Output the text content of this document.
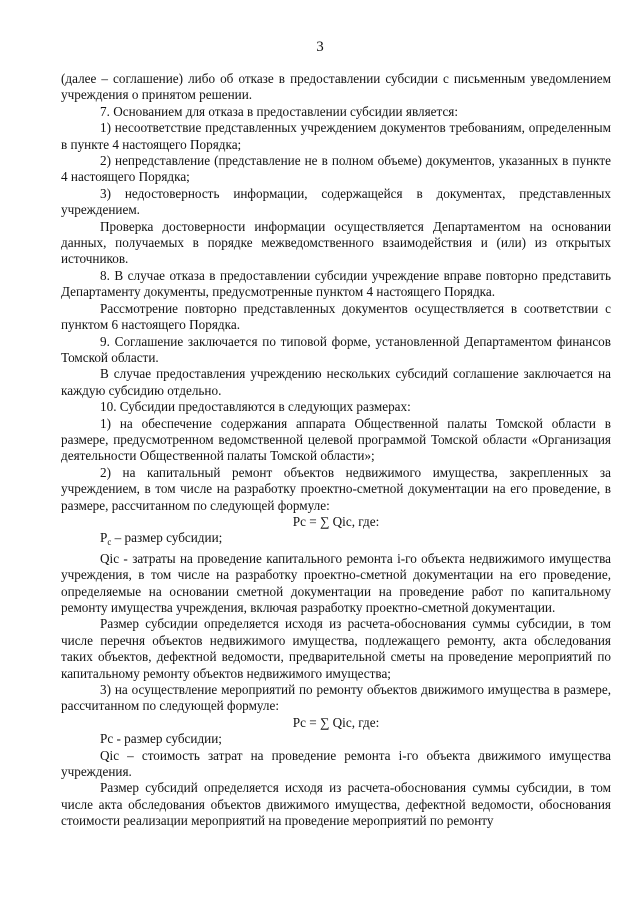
3

(далее – соглашение) либо об отказе в предоставлении субсидии с письменным уведомлением учреждения о принятом решении.

7. Основанием для отказа в предоставлении субсидии является:

1) несоответствие представленных учреждением документов требованиям, определенным в пункте 4 настоящего Порядка;

2) непредставление (представление не в полном объеме) документов, указанных в пункте 4 настоящего Порядка;

3) недостоверность информации, содержащейся в документах, представленных учреждением.

Проверка достоверности информации осуществляется Департаментом на основании данных, получаемых в порядке межведомственного взаимодействия и (или) из открытых источников.

8. В случае отказа в предоставлении субсидии учреждение вправе повторно представить Департаменту документы, предусмотренные пунктом 4 настоящего Порядка.

Рассмотрение повторно представленных документов осуществляется в соответствии с пунктом 6 настоящего Порядка.

9. Соглашение заключается по типовой форме, установленной Департаментом финансов Томской области.

В случае предоставления учреждению нескольких субсидий соглашение заключается на каждую субсидию отдельно.

10. Субсидии предоставляются в следующих размерах:

1) на обеспечение содержания аппарата Общественной палаты Томской области в размере, предусмотренном ведомственной целевой программой Томской области «Организация деятельности Общественной палаты Томской области»;

2) на капитальный ремонт объектов недвижимого имущества, закрепленных за учреждением, в том числе на разработку проектно-сметной документации на его проведение, в размере, рассчитанном по следующей формуле:

Pc = ∑ Qic, где:

$P_c$ – размер субсидии;

Qic - затраты на проведение капитального ремонта i-го объекта недвижимого имущества учреждения, в том числе на разработку проектно-сметной документации на его проведение, определяемые на основании сметной документации на проведение работ по капитальному ремонту имущества учреждения, включая разработку проектно-сметной документации.

Размер субсидии определяется исходя из расчета-обоснования суммы субсидии, в том числе перечня объектов недвижимого имущества, подлежащего ремонту, акта обследования таких объектов, дефектной ведомости, предварительной сметы на проведение мероприятий по капитальному ремонту объектов недвижимого имущества;

3) на осуществление мероприятий по ремонту объектов движимого имущества в размере, рассчитанном по следующей формуле:

Pc = ∑ Qic, где:

Pc - размер субсидии;

Qic – стоимость затрат на проведение ремонта i-го объекта движимого имущества учреждения.

Размер субсидий определяется исходя из расчета-обоснования суммы субсидии, в том числе акта обследования объектов движимого имущества, дефектной ведомости, обоснования стоимости реализации мероприятий на проведение мероприятий по ремонту
